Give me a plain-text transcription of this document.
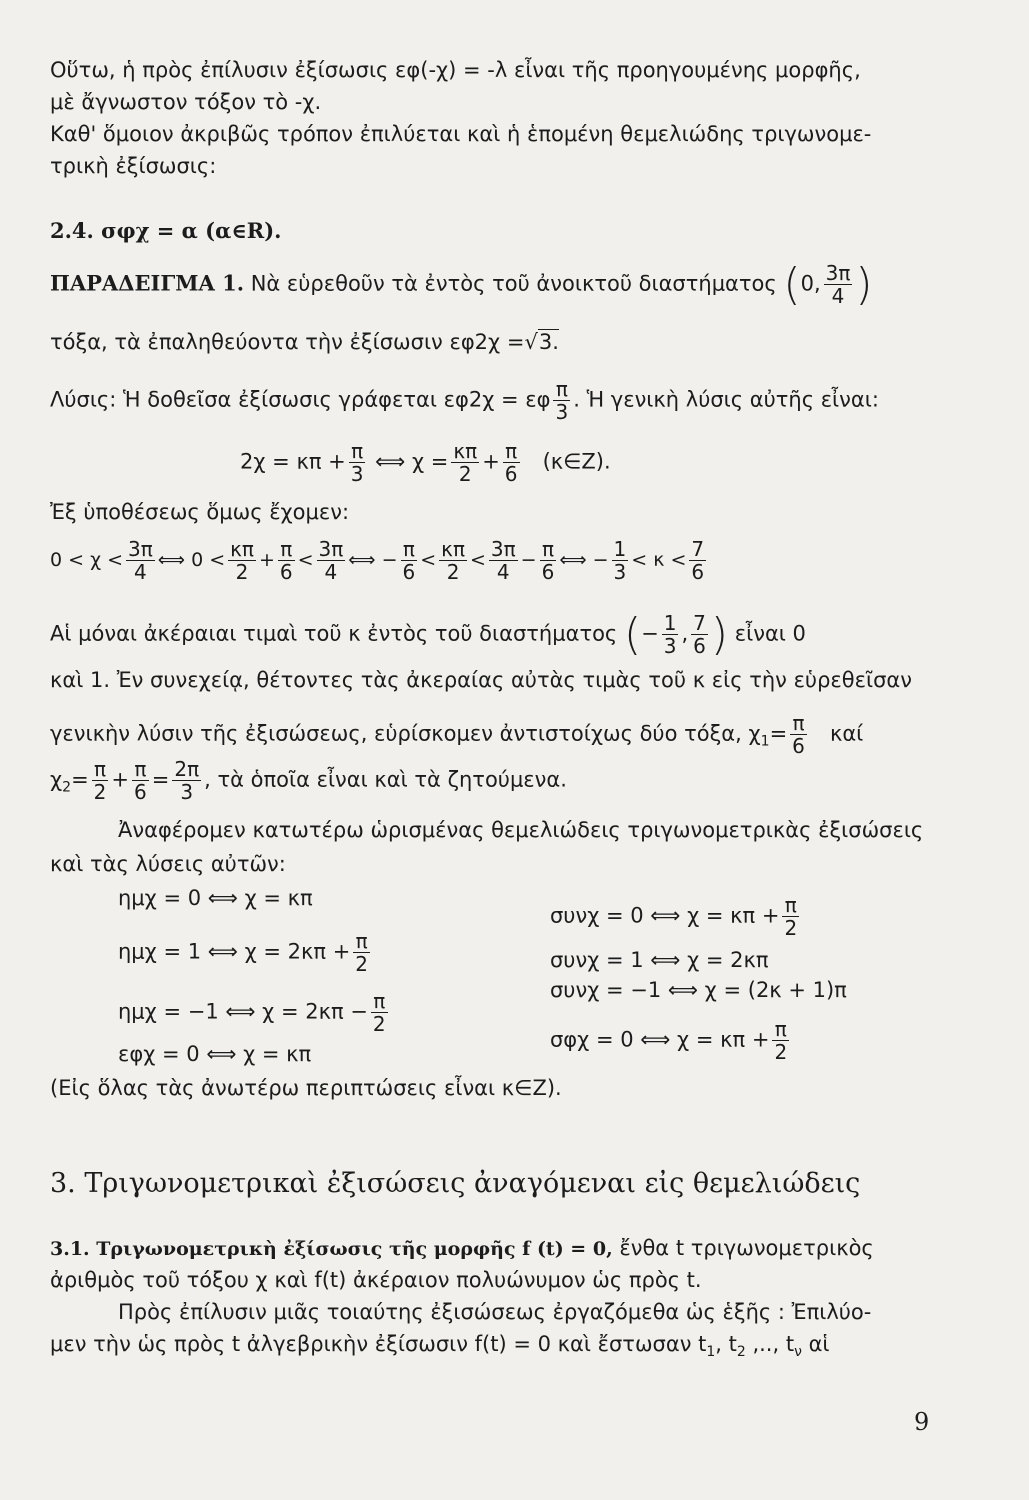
Οὕτω, ἡ πρὸς ἐπίλυσιν ἐξίσωσις εφ(-χ) = -λ εἶναι τῆς προηγουμένης μορφῆς,
μὲ ἄγνωστον τόξον τὸ -χ.
Καθ' ὅμοιον ἀκριβῶς τρόπον ἐπιλύεται καὶ ἡ ἑπομένη θεμελιώδης τριγωνομε-
τρικὴ ἐξίσωσις:
2.4. σφχ = α (α∈R).
ΠΑΡΑΔΕΙΓΜΑ 1. Νὰ εὑρεθοῦν τὰ ἐντὸς τοῦ ἀνοικτοῦ διαστήματος (0, $\frac{3\pi}{4}$ )
τόξα, τὰ ἐπαληθεύοντα τὴν ἐξίσωσιν εφ2χ =√3.
Λύσις: Ἡ δοθεῖσα ἐξίσωσις γράφεται εφ2χ = εφ $\frac{\pi}{3}$ . Ἡ γενικὴ λύσις αὐτῆς εἶναι:
$2\chi = \kappa\pi + \frac{\pi}{3}$ ⟺ $\chi = \frac{\kappa\pi}{2} + \frac{\pi}{6}$ (κ∈Z).
Ἐξ ὑποθέσεως ὅμως ἔχομεν:
$0 < \chi < \frac{3\pi}{4}$ ⟺ $0 < \frac{\kappa\pi}{2} + \frac{\pi}{6} < \frac{3\pi}{4}$ ⟺ − $\frac{\pi}{6} < \frac{\kappa\pi}{2} < \frac{3\pi}{4} - \frac{\pi}{6}$ ⟺ − $\frac{1}{3} < \kappa < \frac{7}{6}$
Αἱ μόναι ἀκέραιαι τιμαὶ τοῦ κ ἐντὸς τοῦ διαστήματος (− $\frac{1}{3}$ , $\frac{7}{6}$ ) εἶναι 0
καὶ 1. Ἐν συνεχείᾳ, θέτοντες τὰς ἀκεραίας αὐτὰς τιμὰς τοῦ κ εἰς τὴν εὑρεθεῖσαν
γενικὴν λύσιν τῆς ἐξισώσεως, εὑρίσκομεν ἀντιστοίχως δύο τόξα, $\chi_1= \frac{\pi}{6}$ καί
$\chi_2= \frac{\pi}{2} + \frac{\pi}{6} = \frac{2\pi}{3}$ , τὰ ὁποῖα εἶναι καὶ τὰ ζητούμενα.
Ἀναφέρομεν κατωτέρω ὡρισμένας θεμελιώδεις τριγωνομετρικὰς ἐξισώσεις
καὶ τὰς λύσεις αὐτῶν:
ημχ = 0 ⟺ χ = κπ
ημχ = 1 ⟺ $\chi = 2\kappa\pi + \frac{\pi}{2}$
ημχ = −1 ⟺ $\chi = 2\kappa\pi - \frac{\pi}{2}$
εφχ = 0 ⟺ χ = κπ
συνχ = 0 ⟺ $\chi = \kappa\pi + \frac{\pi}{2}$
συνχ = 1 ⟺ χ = 2κπ
συνχ = −1 ⟺ χ = (2κ + 1)π
σφχ = 0 ⟺ $\chi = \kappa\pi + \frac{\pi}{2}$
(Εἰς ὅλας τὰς ἀνωτέρω περιπτώσεις εἶναι κ∈Z).
3. Τριγωνομετρικαὶ ἐξισώσεις ἀναγόμεναι εἰς θεμελιώδεις
3.1. Τριγωνομετρικὴ ἐξίσωσις τῆς μορφῆς f (t) = 0, ἔνθα t τριγωνομετρικὸς
ἀριθμὸς τοῦ τόξου χ καὶ f(t) ἀκέραιον πολυώνυμον ὡς πρὸς t.
Πρὸς ἐπίλυσιν μιᾶς τοιαύτης ἐξισώσεως ἐργαζόμεθα ὡς ἑξῆς : Ἐπιλύο-
μεν τὴν ὡς πρὸς t ἀλγεβρικὴν ἐξίσωσιν f(t) = 0 καὶ ἔστωσαν $t_1$, $t_2$ ,.., $t_\nu$ αἱ
9
